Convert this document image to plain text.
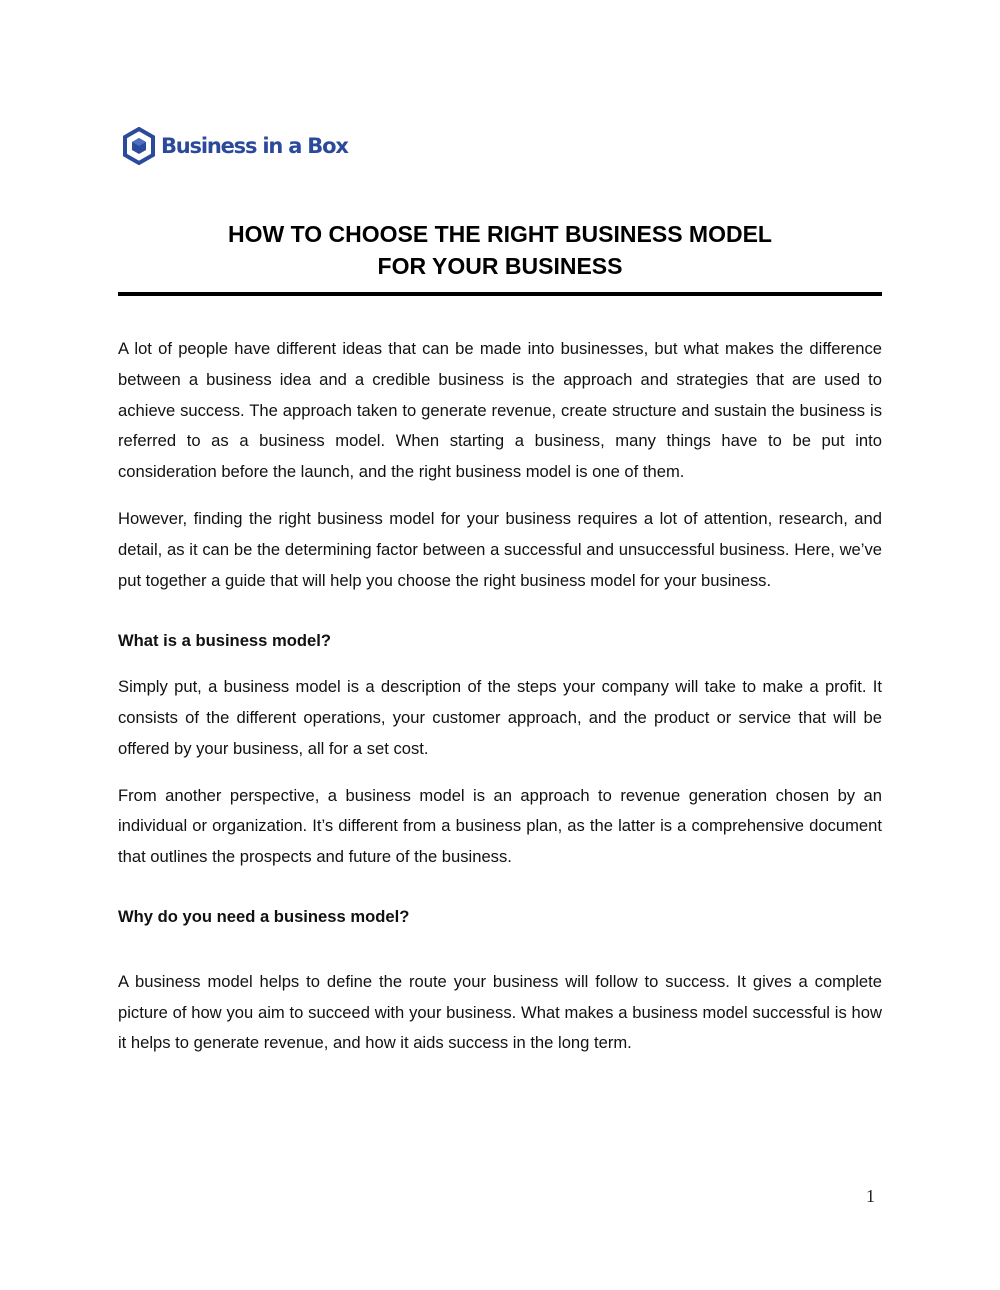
Business in a Box
HOW TO CHOOSE THE RIGHT BUSINESS MODEL
FOR YOUR BUSINESS

A lot of people have different ideas that can be made into businesses, but what makes the difference between a business idea and a credible business is the approach and strategies that are used to achieve success. The approach taken to generate revenue, create structure and sustain the business is referred to as a business model. When starting a business, many things have to be put into consideration before the launch, and the right business model is one of them.

However, finding the right business model for your business requires a lot of attention, research, and detail, as it can be the determining factor between a successful and unsuccessful business. Here, we’ve put together a guide that will help you choose the right business model for your business.

What is a business model?

Simply put, a business model is a description of the steps your company will take to make a profit. It consists of the different operations, your customer approach, and the product or service that will be offered by your business, all for a set cost.

From another perspective, a business model is an approach to revenue generation chosen by an individual or organization. It’s different from a business plan, as the latter is a comprehensive document that outlines the prospects and future of the business.

Why do you need a business model?

A business model helps to define the route your business will follow to success. It gives a complete picture of how you aim to succeed with your business. What makes a business model successful is how it helps to generate revenue, and how it aids success in the long term.

1
